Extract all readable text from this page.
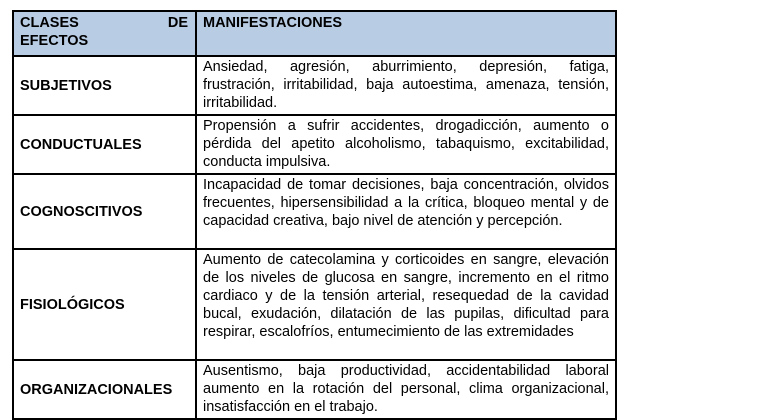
CLASES DE
EFECTOS	MANIFESTACIONES
SUBJETIVOS	Ansiedad, agresión, aburrimiento, depresión, fatiga, frustración, irritabilidad, baja autoestima, amenaza, tensión, irritabilidad.
CONDUCTUALES	Propensión a sufrir accidentes, drogadicción, aumento o pérdida del apetito alcoholismo, tabaquismo, excitabilidad, conducta impulsiva.
COGNOSCITIVOS	Incapacidad de tomar decisiones, baja concentración, olvidos frecuentes, hipersensibilidad a la crítica, bloqueo mental y de capacidad creativa, bajo nivel de atención y percepción.
FISIOLÓGICOS	Aumento de catecolamina y corticoides en sangre, elevación de los niveles de glucosa en sangre, incremento en el ritmo cardiaco y de la tensión arterial, resequedad de la cavidad bucal, exudación, dilatación de las pupilas, dificultad para respirar, escalofríos, entumecimiento de las extremidades
ORGANIZACIONALES	Ausentismo, baja productividad, accidentabilidad laboral aumento en la rotación del personal, clima organizacional, insatisfacción en el trabajo.
